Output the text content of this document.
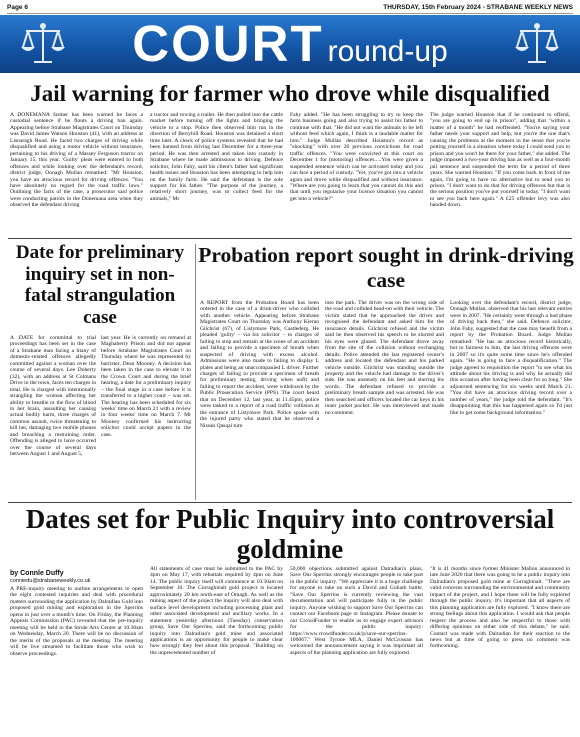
Page 6	THURSDAY, 15th February 2024 - STRABANE WEEKLY NEWS
COURT round-up
Jail warning for farmer who drove while disqualified

A DONEMANA farmer has been warned he faces a custodial sentence if he flouts a driving ban again. Appearing before Strabane Magistrates Court on Thursday was David James Watson Houston (41), with an address at Lisnaragh Road. He faced two charges of driving while disqualified and using a motor vehicle without insurance, pertaining to his driving of a Massey Ferguson tractor on January 15, this year. 'Guilty' pleas were entered to both offences and while looking over the defendant's record, district judge, Oonagh Mullan remarked: "Mr Houston, you have an atrocious record for driving offences. "You have absolutely no regard for the road traffic laws." Outlining the facts of the case, a prosecutor said police were conducting patrols in the Donemana area when they observed the defendant driving

a tractor and towing a trailer. He then pulled into the cattle market before turning off the lights and bringing the vehicle to a stop. Police then observed him run in the direction of Berryhill Road. Houston was detained a short time later. A check of police systems revealed that he had been banned from driving last December for a three-year period. He was then arrested and taken into custody in Strabane where he made admissions to driving. Defence solicitor, John Fahy, said his client's father had significant health issues and Houston has been attempting to help him on the family farm. He said the defendant is the sole support for his father. "The purpose of the journey, a relatively short journey, was to collect feed for the animals," Mr

Fahy added. "He has been struggling to try to keep the farm business going and also trying to assist his father to continue with that. "He did not want the animals to be left without feed which again, I think is a laudable matter for him." Judge Mullan described Houston's record as "shocking" with over 20 previous convictions for road traffic offences. "You were convicted at this court on December 1 for (motoring) offences.....You were given a suspended sentence which can be activated today and you can face a period of custody. "Yet, you've got into a vehicle again and drove while disqualified and without insurance. "Where are you going to learn that you cannot do this and that until you regularise your licence situation you cannot get into a vehicle?"

The judge warned Houston that if he continued to offend, "you are going to end up in prison", adding that "within a matter of a month" he had reoffended. "You're saying your father needs your support and help, but you're the one that's causing the problems at the moment in the sense that you're putting yourself in a situation where today I could send you to prison and you won't be there for your father," she added. The judge imposed a two-year driving ban as well as a four-month jail sentence and suspended the term for a period of three years. She warned Houston: "If you come back in front of me again, I'm going to have no alternative but to send you to prison. "I don't want to do that for driving offences but that is the serious position you've put yourself in today. "I don't want to see you back here again." A £25 offender levy was also handed down.

Date for preliminary inquiry set in non-fatal strangulation case

A DATE for committal to trial proceedings has been set in the case of a Strabane man facing a litany of domestic-related offences allegedly committed against a woman over the course of several days. Lee Doherty (32), with an address at St Colmans Drive in the town, faces ten charges in total. He is charged with intentionally strangling the woman affecting her ability to breathe or the flow of blood to her brain, assaulting her causing actual bodily harm, three charges of common assault, twice threatening to kill her, damaging two mobile phones and breaching a restraining order. Offending is alleged to have occurred over the course of several days between August 1 and August 5,

last year. He is currently on remand at Maghaberry Prison and did not appear before Strabane Magistrates Court on Thursday where he was represented by barrister, Dean Mooney. A decision has been taken in the case to elevate it to the Crown Court and during the brief hearing, a date for a preliminary inquiry – the final stage in a case before it is transferred to a higher court – was set. The hearing has been scheduled for six weeks' time on March 21 with a review in four weeks' time on March 7. Mr Mooney confirmed his instructing solicitor could accept papers in the case.

Probation report sought in drink-driving case

A REPORT from the Probation Board has been ordered in the case of a drink-driver who collided with another vehicle. Appearing before Strabane Magistrates Court on Thursday was Anthony Kieran Gilchrist (67), of Listymore Park, Castlederg. He pleaded 'guilty' – via his solicitor – to charges of failing to stop and remain at the scene of an accident and failing to provide a specimen of breath when suspected of driving with excess alcohol. Admissions were also made to failing to display L plates and being an unaccompanied L driver. Further charges of failing to provide a specimen of breath for preliminary testing, driving when unfit and failing to report the accident, were withdrawn by the Public Prosecution Service (PPS). The court heard that on December 12, last year, at 11.45pm, police were tasked to a report of a road traffic collision at the entrance of Listymore Park. Police spoke with the injured party who stated that he observed a Nissan Qasqai turn

into the park. The driver was on the wrong side of the road and collided head-on with their vehicle. The victim stated that he approached the driver and recognised the defendant and asked him for the insurance details. Gilchrist refused and the victim said he then observed his speech to be slurred and his eyes were glazed. The defendant drove away from the site of the collision without exchanging details. Police attended the last registered owner's address and located the defendant and his parked vehicle outside. Gilchrist was standing outside the property and the vehicle had damage to the driver's side. He was unsteady on his feet and slurring his words. The defendant refused to provide a preliminary breath sample and was arrested. He was then searched and officers located the car keys in his inner jacket pocket. He was interviewed and made no comment.

Looking over the defendant's record, district judge, Oonagh Mullan, observed that his last relevant entries were in 2007. "He certainly went through a bad phase of driving back then," she said. Defence solicitor, John Fahy, suggested that the case may benefit from a report by the Probation Board. Judge Mullan remarked: "He has an atrocious record historically, but in fairness to him, the last driving offences were in 2007 so it's quite some time since he's offended again. "He is going to face a disqualification." The judge agreed to requisition the report "to see what his attitude about his driving is and why he actually did this occasion after having been clear for so long." She adjourned sentencing for six weeks until March 21. "You did have an atrocious driving record over a number of years," the judge told the defendant. "It's disappointing that this has happened again so I'd just like to get some background information."

Dates set for Public Inquiry into controversial goldmine
by Connle Duffy
conniedu@strabaneweekly.co.uk

A PRE-inquiry meeting to outline arrangements to open the eight contested inquiries and deal with procedural matters surrounding the application by Dalradian Gold into proposed gold mining and exploration in the Sperrins opens in just over a month's time. On Friday, the Planning Appeals Commission (PAC) revealed that the pre-inquiry meeting will be held in the Strule Arts Centre at 10.30am on Wednesday, March 20. There will be no discussion of the merits of the proposals at the meeting. The meeting will be live streamed to facilitate those who wish to observe proceedings.

All statements of case must be submitted to the PAC by 4pm on May 17, with rebuttals required by 4pm on June 14. The public inquiry itself will commence at 10.30am on September 10. The Curraghinalt gold project is located approximately 20 km north-east of Omagh. As well as the mining aspect of the project the inquiry will also deal with surface level development including processing plant and other associated development and ancillary works. In a statement yesterday afternoon (Tuesday) conservation group, Save Our Sperrins, said the forthcoming public inquiry into Dalradian's gold mine and associated applications is an opportunity for people to make clear how strongly they feel about this proposal. "Building on the unprecedented number of

50,000 objections submitted against Dalradian's plans, Save Our Sperrins strongly encourages people to take part in the public inquiry. "We appreciate it is a huge challenge for anyone to take on such a David and Goliath battle. "Save Our Sperrins is currently reviewing the vast documentation and will participate fully in the public inquiry. Anyone wishing to support Save Our Sperrins can contact our Facebook page or Instagram. Please donate to our CrowdFunder to enable us to engage expert advisors for the public inquiry: https://www.crowdfunder.co.uk/p/save-our-sperrins-100067." West Tyrone MLA, Daniel McCrossan has welcomed the announcement saying it was important all aspects of the planning application are fully explored.

"It is 41 months since former Minister Mallon announced in late June 2020 that there was going to be a public inquiry into Dalradian's proposed gold mine at Curraghinalt. "There are valid concerns surrounding the environmental and community impact of the project, and I hope these will be fully explored through the public inquiry. It's important that all aspects of this planning application are fully explored. "I know there are strong feelings about this application. I would ask that people respect the process and also be respectful to those with differing opinions on either side of this debate," he said. Contact was made with Dalradian for their reaction to the news but at time of going to press no comment was forthcoming.
